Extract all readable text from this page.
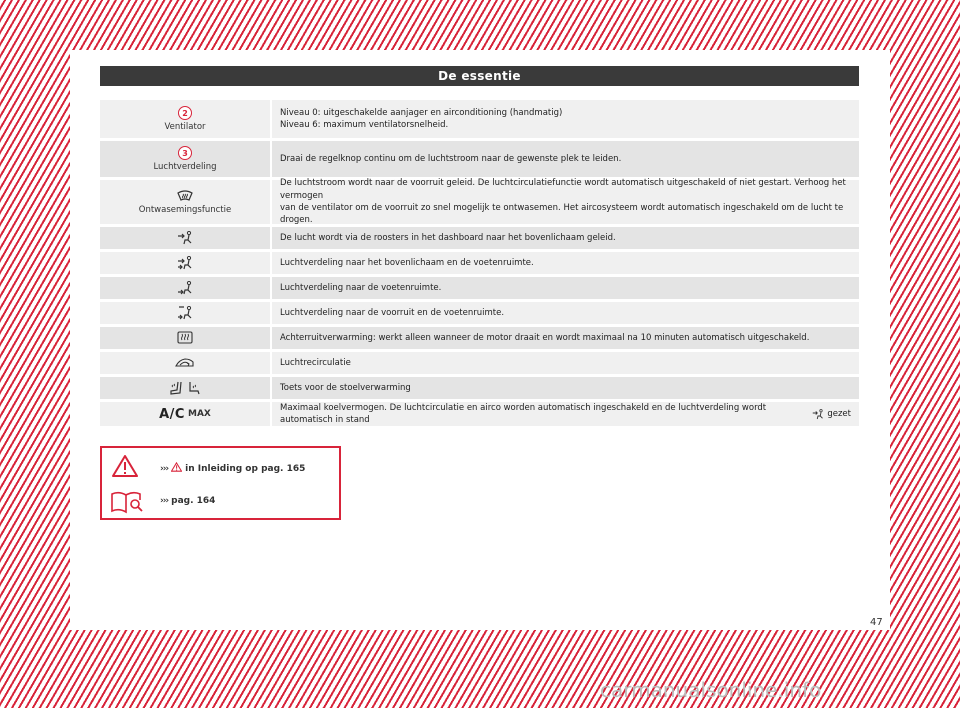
De essentie
2
Ventilator
Niveau 0: uitgeschakelde aanjager en airconditioning (handmatig)
Niveau 6: maximum ventilatorsnelheid.
3
Luchtverdeling
Draai de regelknop continu om de luchtstroom naar de gewenste plek te leiden.
Ontwasemingsfunctie
De luchtstroom wordt naar de voorruit geleid. De luchtcirculatiefunctie wordt automatisch uitgeschakeld of niet gestart. Verhoog het vermogen
van de ventilator om de voorruit zo snel mogelijk te ontwasemen. Het aircosysteem wordt automatisch ingeschakeld om de lucht te drogen.
De lucht wordt via de roosters in het dashboard naar het bovenlichaam geleid.
Luchtverdeling naar het bovenlichaam en de voetenruimte.
Luchtverdeling naar de voetenruimte.
Luchtverdeling naar de voorruit en de voetenruimte.
Achterruitverwarming: werkt alleen wanneer de motor draait en wordt maximaal na 10 minuten automatisch uitgeschakeld.
Luchtrecirculatie
Toets voor de stoelverwarming
A/C MAX
Maximaal koelvermogen. De luchtcirculatie en airco worden automatisch ingeschakeld en de luchtverdeling wordt automatisch in stand
gezet
››› in Inleiding op pag. 165
››› pag. 164
47
carmanualsonline.info
